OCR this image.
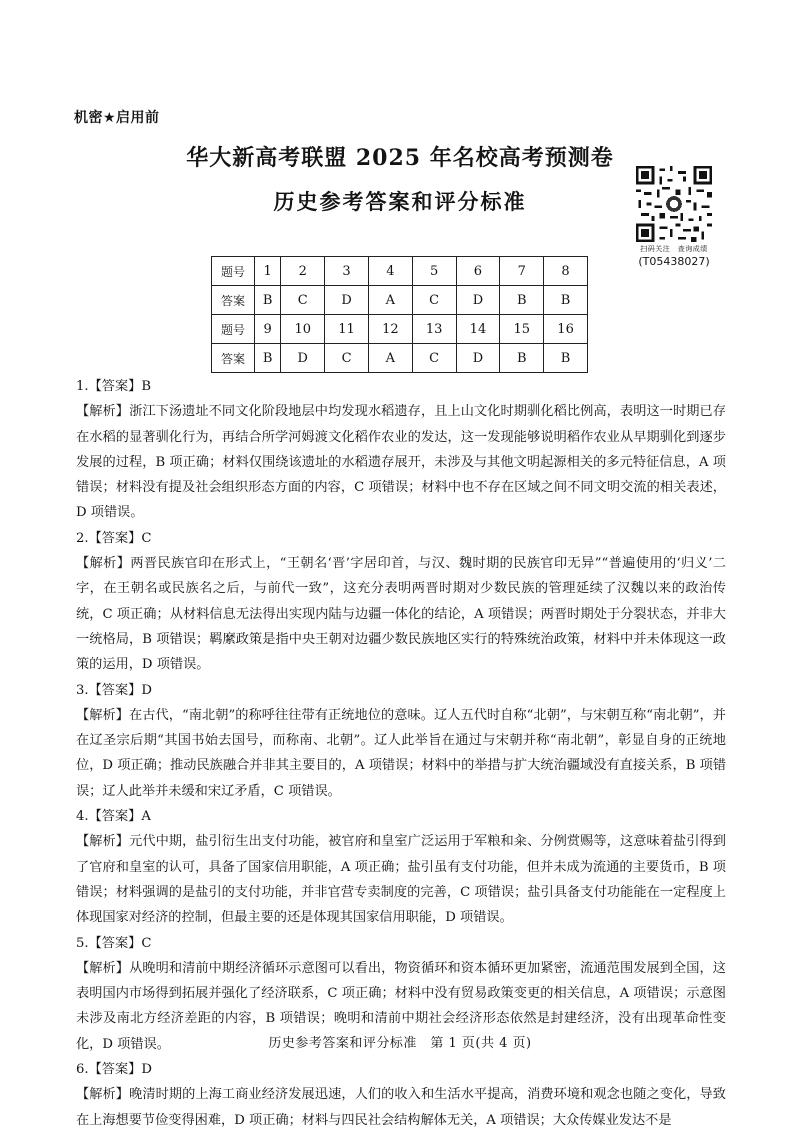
机密★启用前
华大新高考联盟 2025 年名校高考预测卷
历史参考答案和评分标准
扫码关注　查询成绩
(T05438027)
题号	1	2	3	4	5	6	7	8
答案	B	C	D	A	C	D	B	B
题号	9	10	11	12	13	14	15	16
答案	B	D	C	A	C	D	B	B

1.【答案】B

【解析】浙江下汤遗址不同文化阶段地层中均发现水稻遗存，且上山文化时期驯化稻比例高，表明这一时期已存在水稻的显著驯化行为，再结合所学河姆渡文化稻作农业的发达，这一发现能够说明稻作农业从早期驯化到逐步发展的过程，B 项正确；材料仅围绕该遗址的水稻遗存展开，未涉及与其他文明起源相关的多元特征信息，A 项错误；材料没有提及社会组织形态方面的内容，C 项错误；材料中也不存在区域之间不同文明交流的相关表述，D 项错误。

2.【答案】C

【解析】两晋民族官印在形式上，“王朝名‘晋’字居印首，与汉、魏时期的民族官印无异”“普遍使用的‘归义’二字，在王朝名或民族名之后，与前代一致”，这充分表明两晋时期对少数民族的管理延续了汉魏以来的政治传统，C 项正确；从材料信息无法得出实现内陆与边疆一体化的结论，A 项错误；两晋时期处于分裂状态，并非大一统格局，B 项错误；羁縻政策是指中央王朝对边疆少数民族地区实行的特殊统治政策，材料中并未体现这一政策的运用，D 项错误。

3.【答案】D

【解析】在古代，“南北朝”的称呼往往带有正统地位的意味。辽人五代时自称“北朝”，与宋朝互称“南北朝”，并在辽圣宗后期“其国书始去国号，而称南、北朝”。辽人此举旨在通过与宋朝并称“南北朝”，彰显自身的正统地位，D 项正确；推动民族融合并非其主要目的，A 项错误；材料中的举措与扩大统治疆域没有直接关系，B 项错误；辽人此举并未缓和宋辽矛盾，C 项错误。

4.【答案】A

【解析】元代中期，盐引衍生出支付功能，被官府和皇室广泛运用于军粮和籴、分例赏赐等，这意味着盐引得到了官府和皇室的认可，具备了国家信用职能，A 项正确；盐引虽有支付功能，但并未成为流通的主要货币，B 项错误；材料强调的是盐引的支付功能，并非官营专卖制度的完善，C 项错误；盐引具备支付功能能在一定程度上体现国家对经济的控制，但最主要的还是体现其国家信用职能，D 项错误。

5.【答案】C

【解析】从晚明和清前中期经济循环示意图可以看出，物资循环和资本循环更加紧密，流通范围发展到全国，这表明国内市场得到拓展并强化了经济联系，C 项正确；材料中没有贸易政策变更的相关信息，A 项错误；示意图未涉及南北方经济差距的内容，B 项错误；晚明和清前中期社会经济形态依然是封建经济，没有出现革命性变化，D 项错误。

6.【答案】D

【解析】晚清时期的上海工商业经济发展迅速，人们的收入和生活水平提高，消费环境和观念也随之变化，导致在上海想要节俭变得困难，D 项正确；材料与四民社会结构解体无关，A 项错误；大众传媒业发达不是

历史参考答案和评分标准　第 1 页(共 4 页)
